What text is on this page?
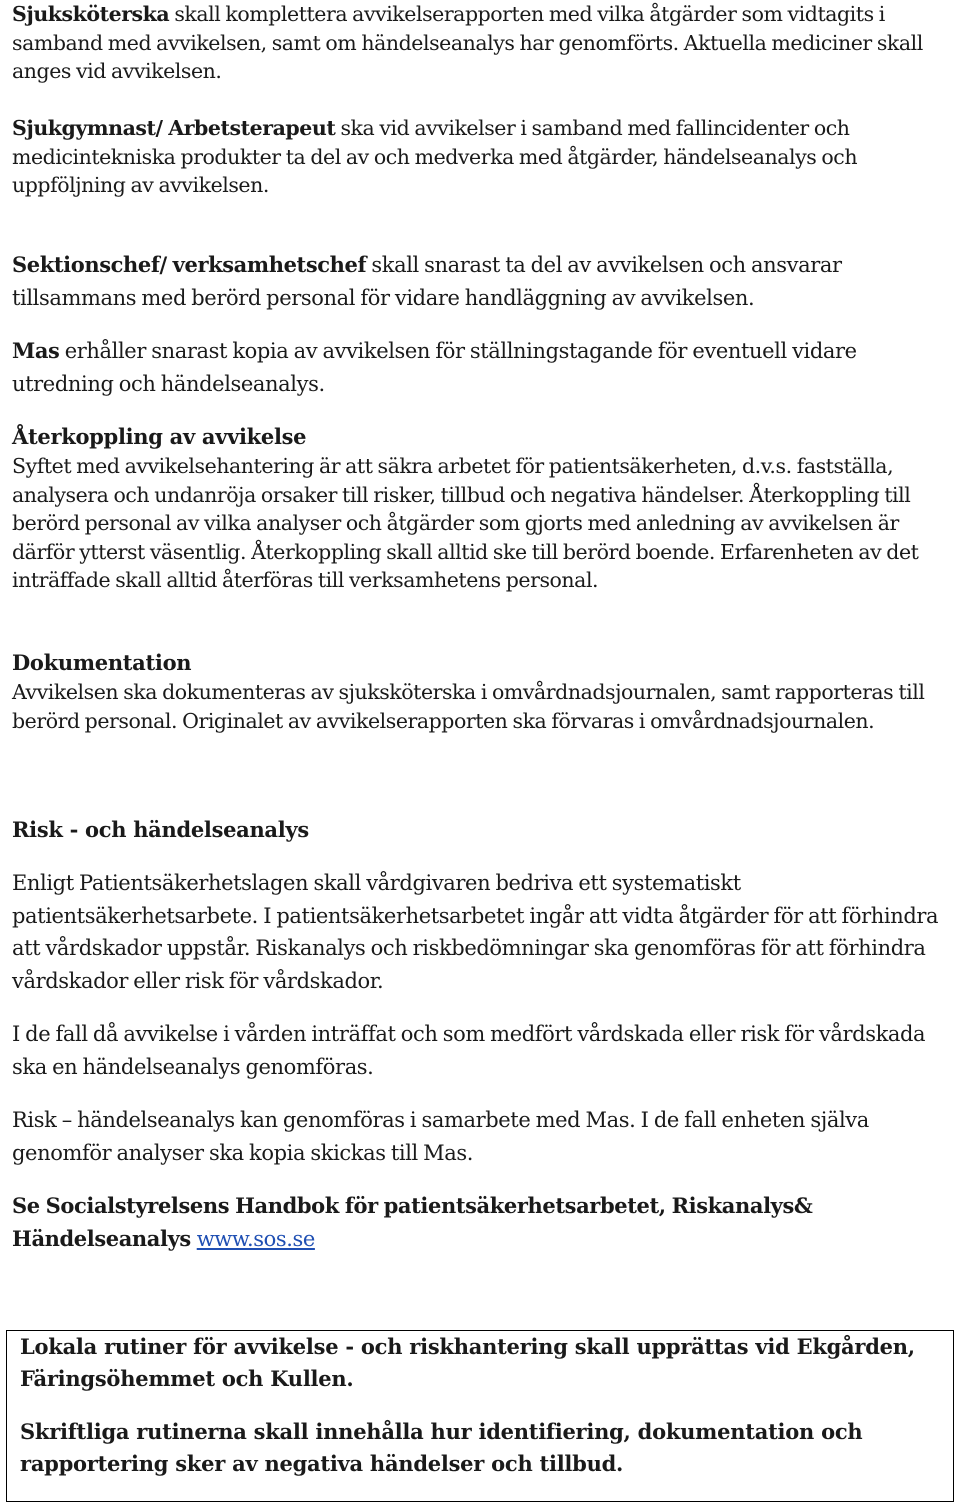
Sjuksköterska skall komplettera avvikelserapporten med vilka åtgärder som vidtagits i samband med avvikelsen, samt om händelseanalys har genomförts. Aktuella mediciner skall anges vid avvikelsen.

Sjukgymnast/ Arbetsterapeut ska vid avvikelser i samband med fallincidenter och medicintekniska produkter ta del av och medverka med åtgärder, händelseanalys och uppföljning av avvikelsen.

Sektionschef/ verksamhetschef skall snarast ta del av avvikelsen och ansvarar tillsammans med berörd personal för vidare handläggning av avvikelsen.

Mas erhåller snarast kopia av avvikelsen för ställningstagande för eventuell vidare utredning och händelseanalys.

Återkoppling av avvikelse
Syftet med avvikelsehantering är att säkra arbetet för patientsäkerheten, d.v.s. fastställa, analysera och undanröja orsaker till risker, tillbud och negativa händelser. Återkoppling till berörd personal av vilka analyser och åtgärder som gjorts med anledning av avvikelsen är därför ytterst väsentlig. Återkoppling skall alltid ske till berörd boende. Erfarenheten av det inträffade skall alltid återföras till verksamhetens personal.
Dokumentation
Avvikelsen ska dokumenteras av sjuksköterska i omvårdnadsjournalen, samt rapporteras till berörd personal. Originalet av avvikelserapporten ska förvaras i omvårdnadsjournalen.
Risk - och händelseanalys

Enligt Patientsäkerhetslagen skall vårdgivaren bedriva ett systematiskt patientsäkerhetsarbete. I patientsäkerhetsarbetet ingår att vidta åtgärder för att förhindra att vårdskador uppstår. Riskanalys och riskbedömningar ska genomföras för att förhindra vårdskador eller risk för vårdskador.

I de fall då avvikelse i vården inträffat och som medfört vårdskada eller risk för vårdskada ska en händelseanalys genomföras.

Risk – händelseanalys kan genomföras i samarbete med Mas. I de fall enheten själva genomför analyser ska kopia skickas till Mas.

Se Socialstyrelsens Handbok för patientsäkerhetsarbetet, Riskanalys& Händelseanalys www.sos.se

Lokala rutiner för avvikelse - och riskhantering skall upprättas vid Ekgården, Färingsöhemmet och Kullen.

Skriftliga rutinerna skall innehålla hur identifiering, dokumentation och rapportering sker av negativa händelser och tillbud.
